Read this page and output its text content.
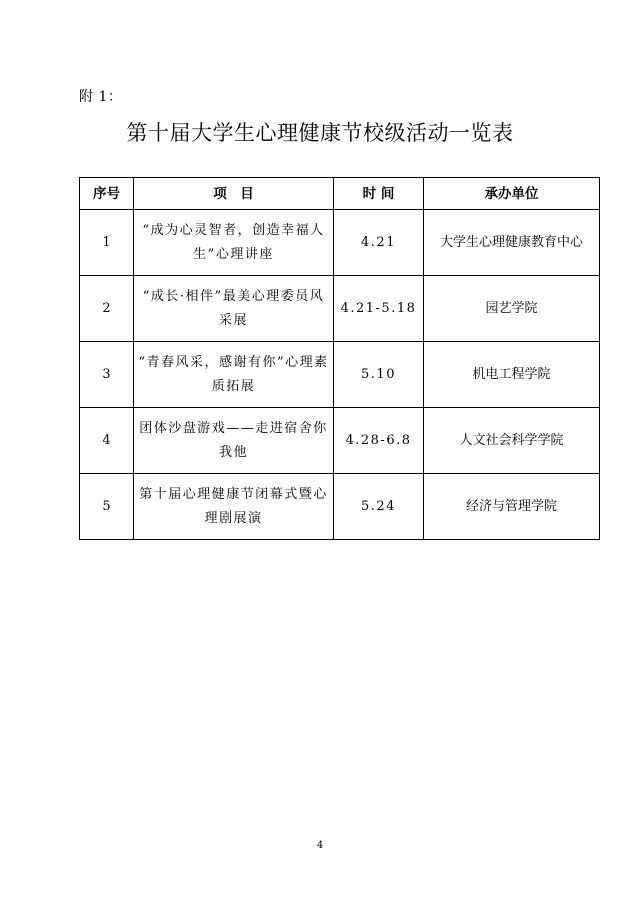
附 1：
第十届大学生心理健康节校级活动一览表
序号	项　目	时 间	承办单位
1	“成为心灵智者，创造幸福人生”心理讲座	4.21	大学生心理健康教育中心
2	“成长·相伴”最美心理委员风采展	4.21-5.18	园艺学院
3	“青春风采，感谢有你”心理素质拓展	5.10	机电工程学院
4	团体沙盘游戏——走进宿舍你我他	4.28-6.8	人文社会科学学院
5	第十届心理健康节闭幕式暨心理剧展演	5.24	经济与管理学院
4
